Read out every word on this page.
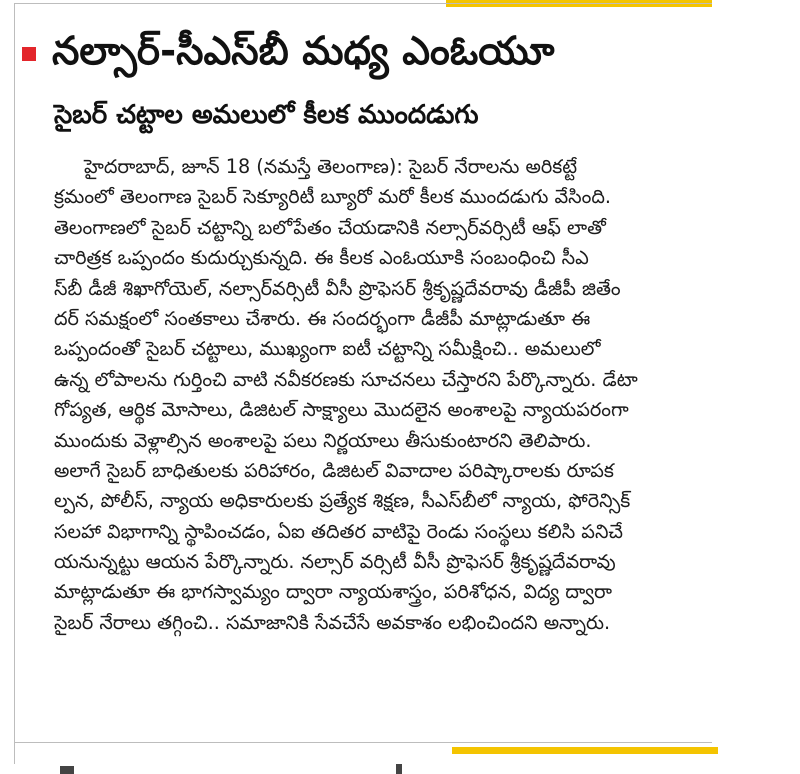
నల్సార్‌-సీఎస్‌బీ మధ్య ఎంఓయూ
సైబర్‌ చట్టాల అమలులో కీలక ముందడుగు
హైదరాబాద్‌, జూన్‌ 18 (నమస్తే తెలంగాణ): సైబర్‌ నేరాలను అరికట్టే
క్రమంలో తెలంగాణ సైబర్‌ సెక్యూరిటీ బ్యూరో మరో కీలక ముందడుగు వేసింది.
తెలంగాణలో సైబర్‌ చట్టాన్ని బలోపేతం చేయడానికి నల్సార్‌వర్సిటీ ఆఫ్‌ లాతో
చారిత్రక ఒప్పందం కుదుర్చుకున్నది. ఈ కీలక ఎంఓయూకి సంబంధించి సీఎ
స్‌బీ డీజీ శిఖాగోయెల్‌, నల్సార్‌వర్సిటీ వీసీ ప్రొఫెసర్‌ శ్రీకృష్ణదేవరావు డీజీపీ జితేం
దర్‌ సమక్షంలో సంతకాలు చేశారు. ఈ సందర్భంగా డీజీపీ మాట్లాడుతూ ఈ
ఒప్పందంతో సైబర్‌ చట్టాలు, ముఖ్యంగా ఐటీ చట్టాన్ని సమీక్షించి.. అమలులో
ఉన్న లోపాలను గుర్తించి వాటి నవీకరణకు సూచనలు చేస్తారని పేర్కొన్నారు. డేటా
గోప్యత, ఆర్థిక మోసాలు, డిజిటల్‌ సాక్ష్యాలు మొదలైన అంశాలపై న్యాయపరంగా
ముందుకు వెళ్లాల్సిన అంశాలపై పలు నిర్ణయాలు తీసుకుంటారని తెలిపారు.
అలాగే సైబర్‌ బాధితులకు పరిహారం, డిజిటల్‌ వివాదాల పరిష్కారాలకు రూపక
ల్పన, పోలీస్‌, న్యాయ అధికారులకు ప్రత్యేక శిక్షణ, సీఎస్‌బీలో న్యాయ, ఫోరెన్సిక్‌
సలహా విభాగాన్ని స్థాపించడం, ఏఐ తదితర వాటిపై రెండు సంస్థలు కలిసి పనిచే
యనున్నట్టు ఆయన పేర్కొన్నారు. నల్సార్‌ వర్సిటీ వీసీ ప్రొఫెసర్‌ శ్రీకృష్ణదేవరావు
మాట్లాడుతూ ఈ భాగస్వామ్యం ద్వారా న్యాయశాస్త్రం, పరిశోధన, విద్య ద్వారా
సైబర్‌ నేరాలు తగ్గించి.. సమాజానికి సేవచేసే అవకాశం లభించిందని అన్నారు.
